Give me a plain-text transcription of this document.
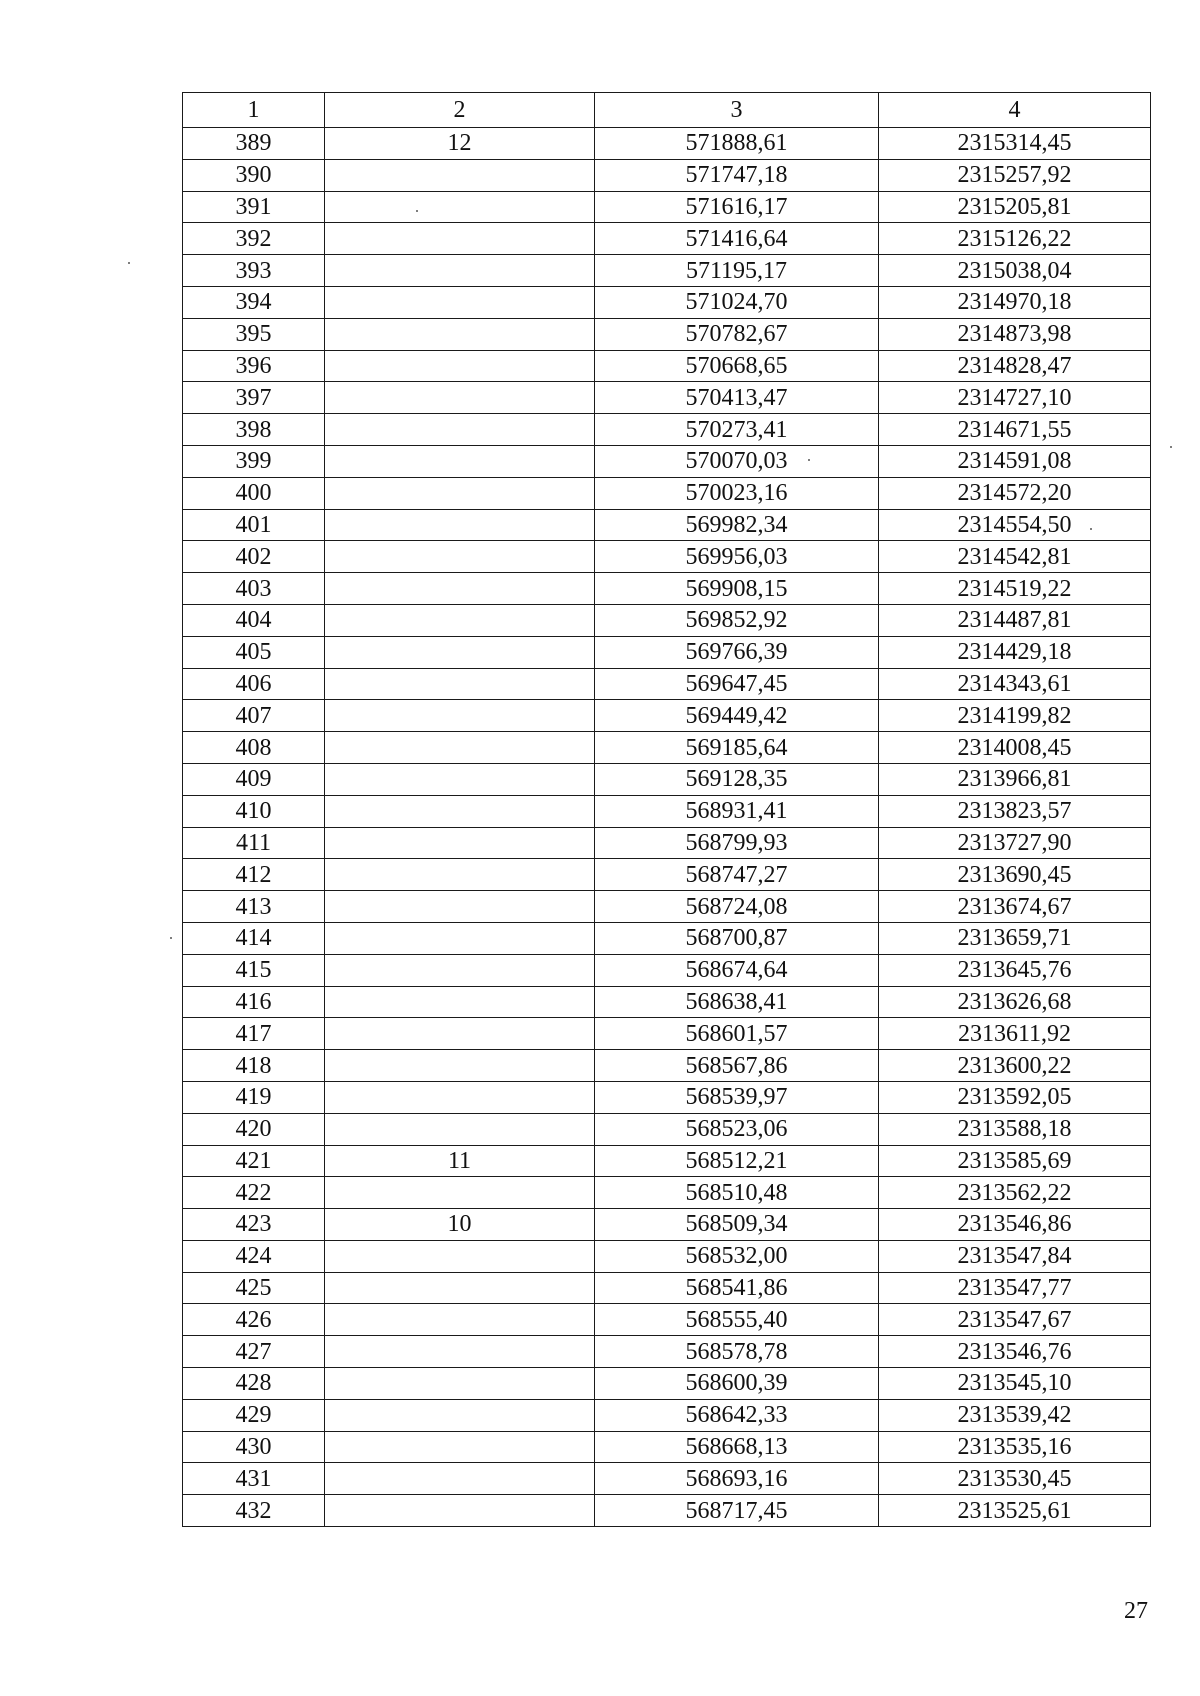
1	2	3	4
389	12	571888,61	2315314,45
390		571747,18	2315257,92
391		571616,17	2315205,81
392		571416,64	2315126,22
393		571195,17	2315038,04
394		571024,70	2314970,18
395		570782,67	2314873,98
396		570668,65	2314828,47
397		570413,47	2314727,10
398		570273,41	2314671,55
399		570070,03	2314591,08
400		570023,16	2314572,20
401		569982,34	2314554,50
402		569956,03	2314542,81
403		569908,15	2314519,22
404		569852,92	2314487,81
405		569766,39	2314429,18
406		569647,45	2314343,61
407		569449,42	2314199,82
408		569185,64	2314008,45
409		569128,35	2313966,81
410		568931,41	2313823,57
411		568799,93	2313727,90
412		568747,27	2313690,45
413		568724,08	2313674,67
414		568700,87	2313659,71
415		568674,64	2313645,76
416		568638,41	2313626,68
417		568601,57	2313611,92
418		568567,86	2313600,22
419		568539,97	2313592,05
420		568523,06	2313588,18
421	11	568512,21	2313585,69
422		568510,48	2313562,22
423	10	568509,34	2313546,86
424		568532,00	2313547,84
425		568541,86	2313547,77
426		568555,40	2313547,67
427		568578,78	2313546,76
428		568600,39	2313545,10
429		568642,33	2313539,42
430		568668,13	2313535,16
431		568693,16	2313530,45
432		568717,45	2313525,61
27
